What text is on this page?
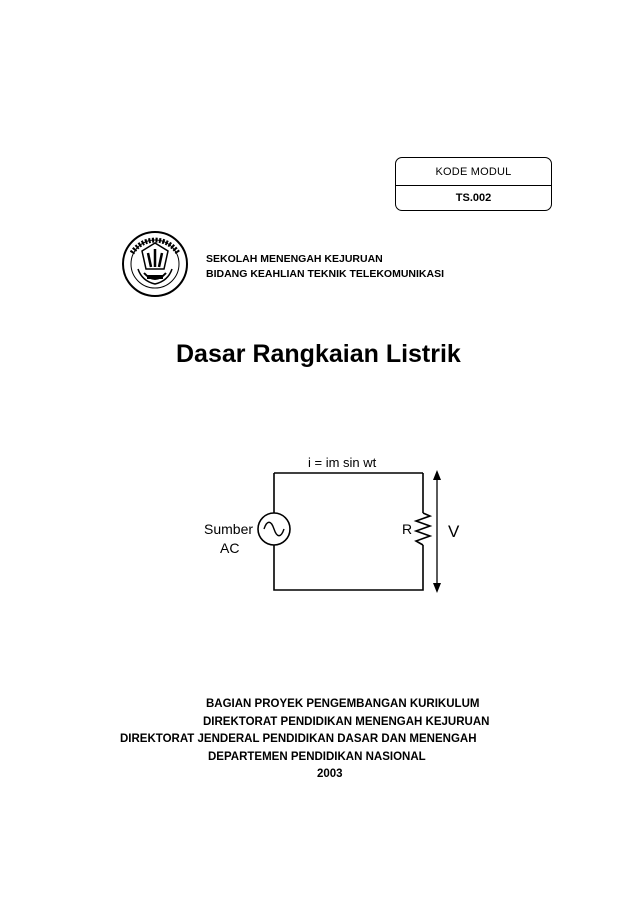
KODE MODUL
TS.002
SEKOLAH MENENGAH KEJURUAN
BIDANG KEAHLIAN TEKNIK TELEKOMUNIKASI
Dasar Rangkaian Listrik
i = im sin wt
Sumber
AC
R V
BAGIAN PROYEK PENGEMBANGAN KURIKULUM
DIREKTORAT PENDIDIKAN MENENGAH KEJURUAN
DIREKTORAT JENDERAL PENDIDIKAN DASAR DAN MENENGAH
DEPARTEMEN PENDIDIKAN NASIONAL
2003
